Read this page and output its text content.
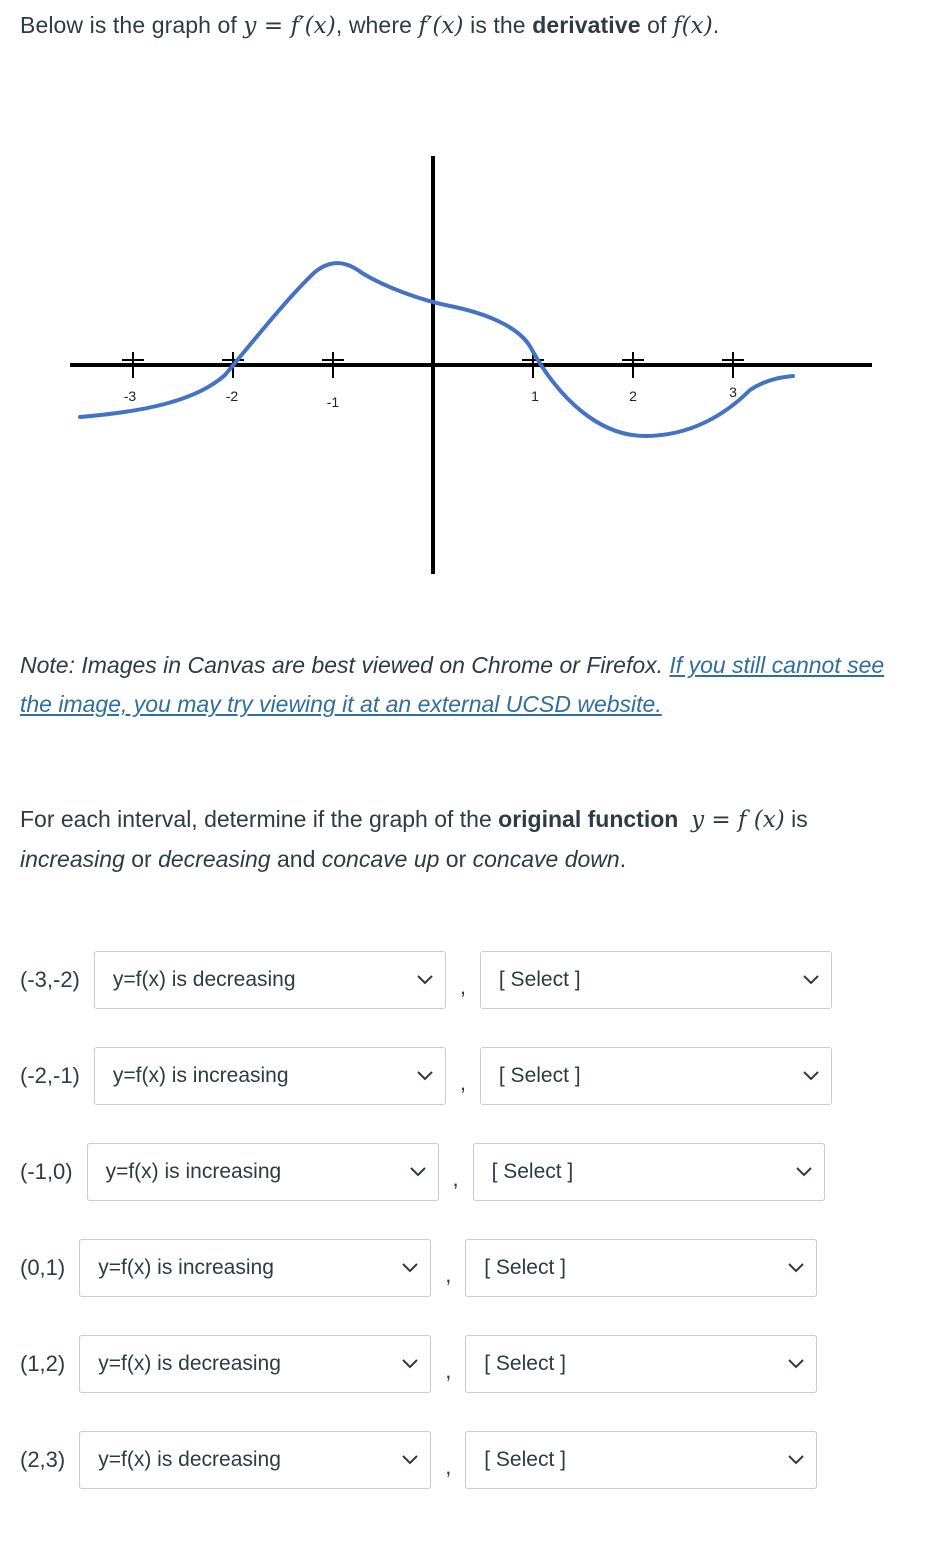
Below is the graph of y = f′(x), where f′(x) is the derivative of f(x).
-3	-2	-1	1	2	3
Note: Images in Canvas are best viewed on Chrome or Firefox. If you still cannot see the image, you may try viewing it at an external UCSD website.
For each interval, determine if the graph of the original function y = f (x) is
increasing or decreasing and concave up or concave down.
(-3,-2) y=f(x) is decreasing	,	[ Select ]
(-2,-1) y=f(x) is increasing	,	[ Select ]
(-1,0) y=f(x) is increasing	,	[ Select ]
(0,1) y=f(x) is increasing	,	[ Select ]
(1,2) y=f(x) is decreasing	,	[ Select ]
(2,3) y=f(x) is decreasing	,	[ Select ]
